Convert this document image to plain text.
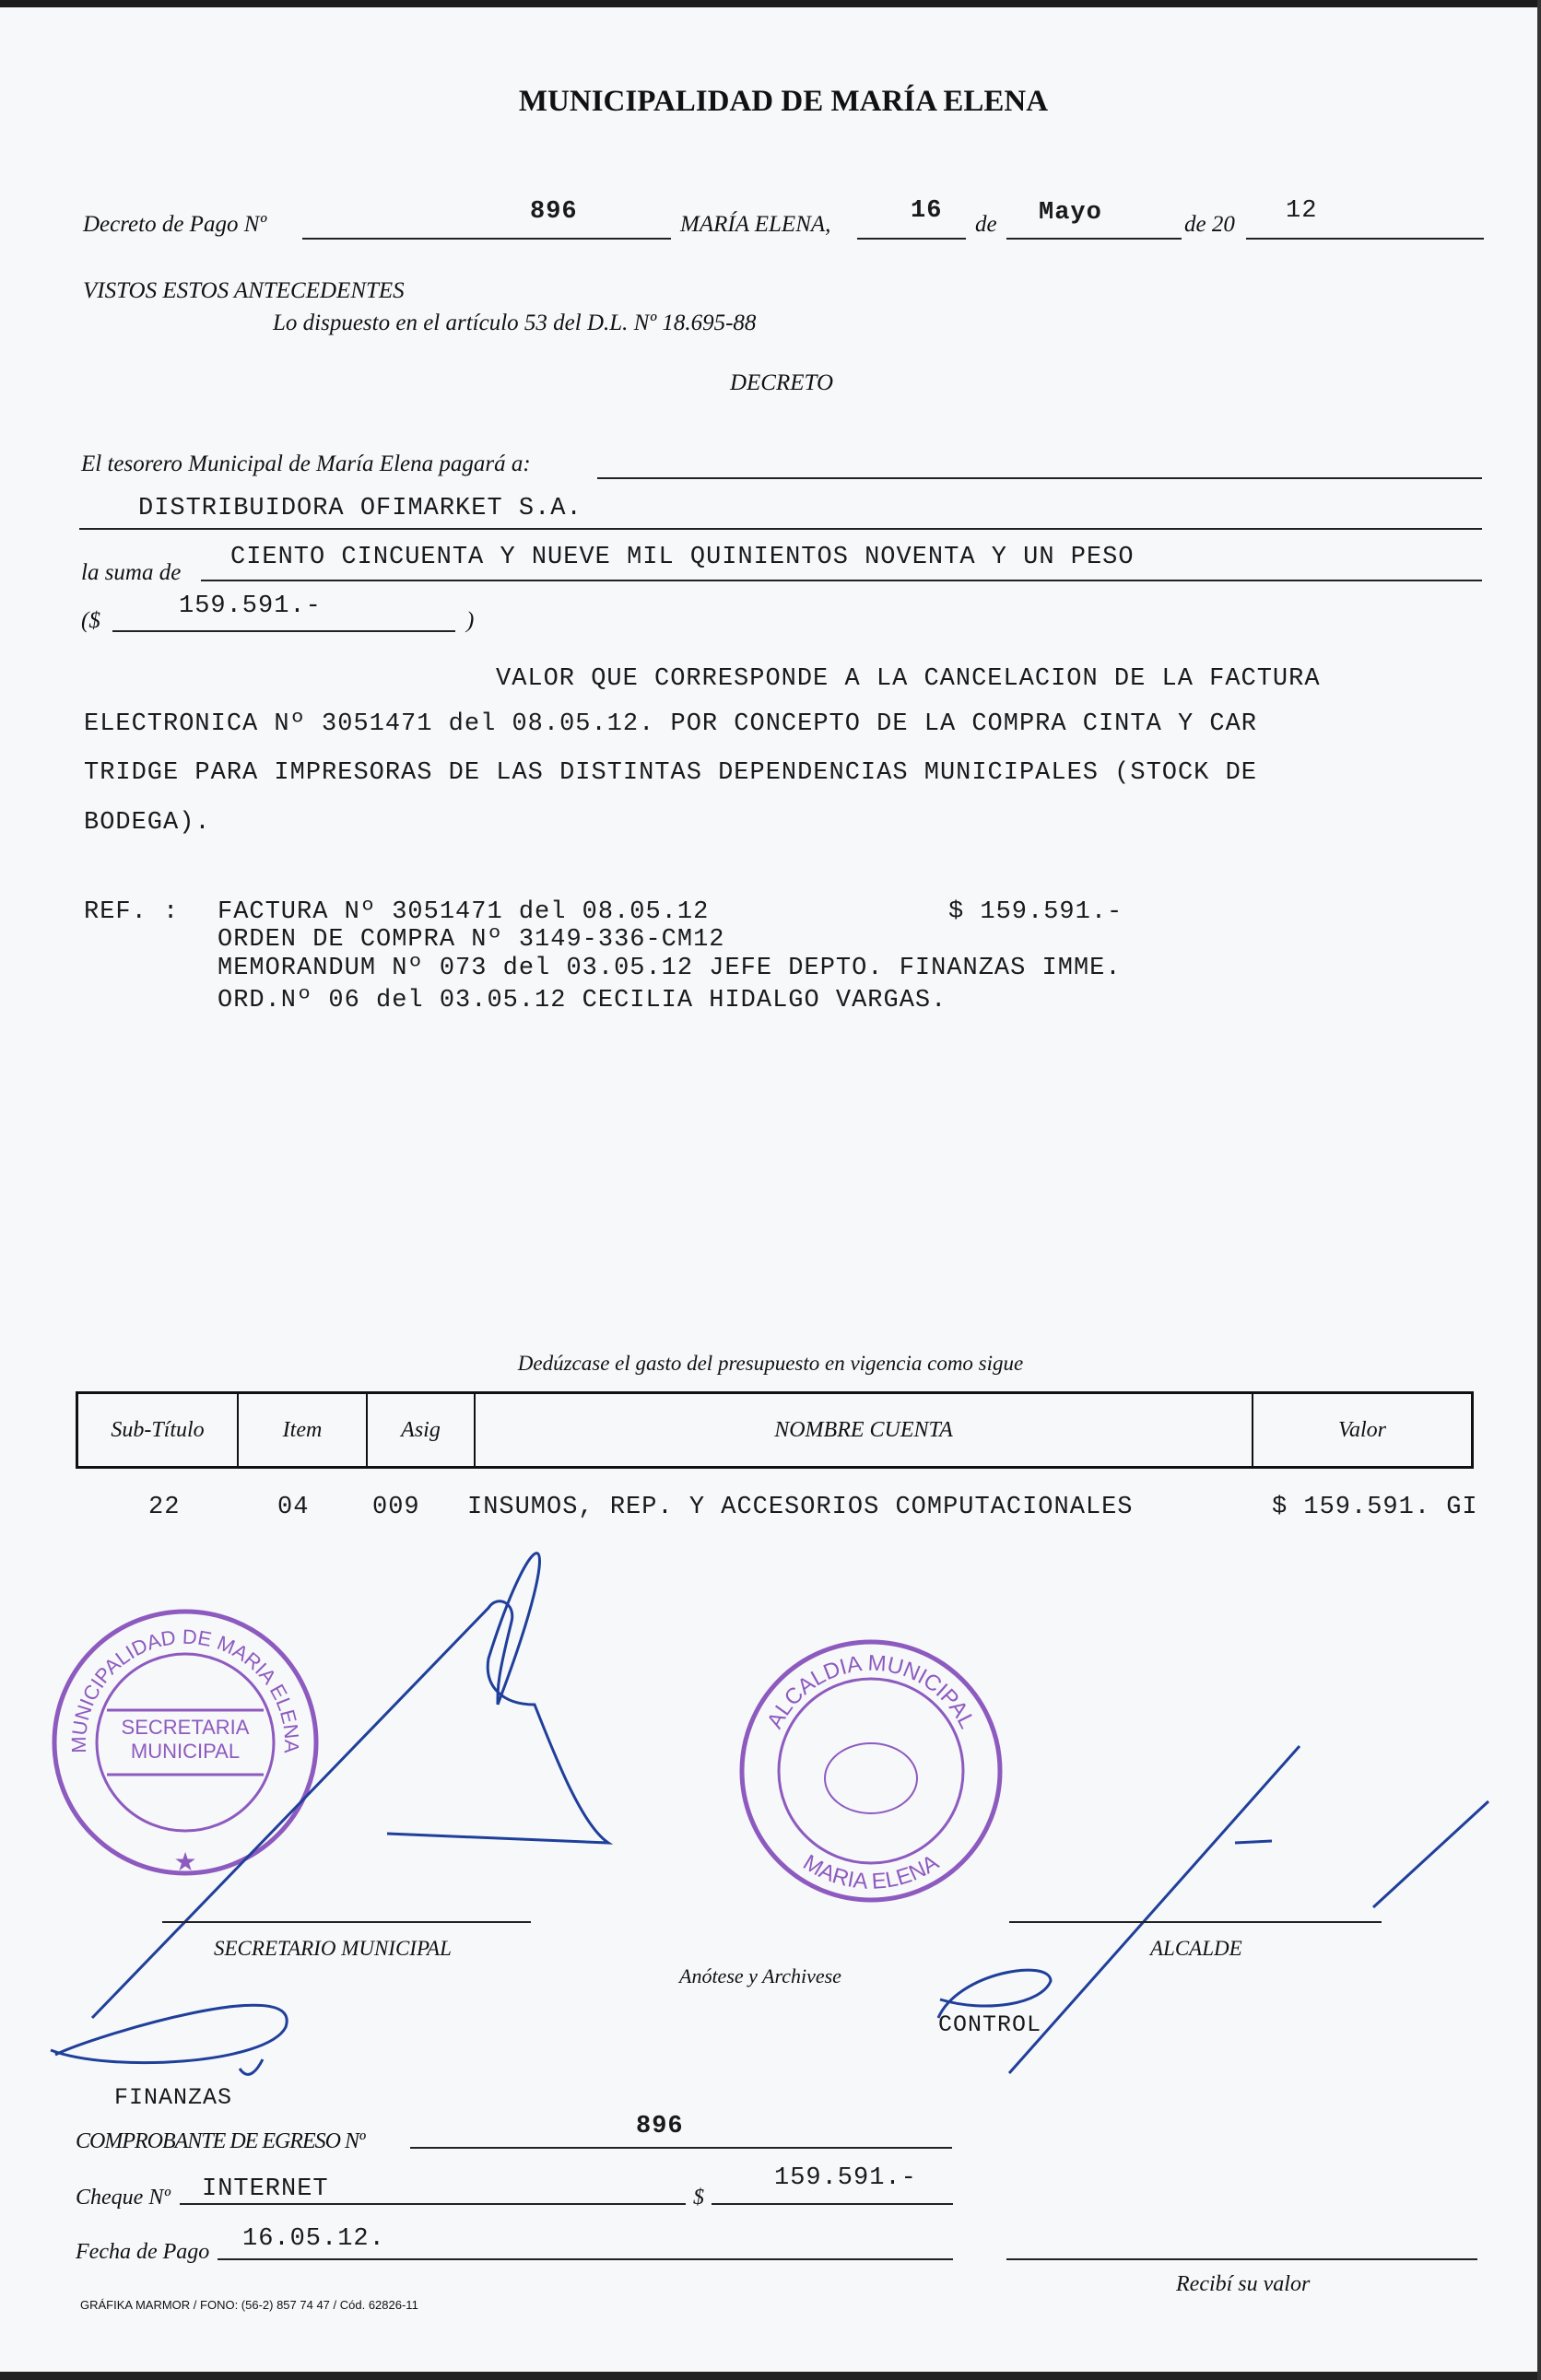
MUNICIPALIDAD DE MARÍA ELENA
Decreto de Pago Nº	896	MARÍA ELENA,	16 de Mayo	de 20 12
VISTOS ESTOS ANTECEDENTES
Lo dispuesto en el artículo 53 del D.L. Nº 18.695-88
DECRETO
El tesorero Municipal de María Elena pagará a:
DISTRIBUIDORA OFIMARKET S.A.
la suma de
CIENTO CINCUENTA Y NUEVE MIL QUINIENTOS NOVENTA Y UN PESO
($
159.591.-
)
VALOR QUE CORRESPONDE A LA CANCELACION DE LA FACTURA
ELECTRONICA Nº 3051471 del 08.05.12. POR CONCEPTO DE LA COMPRA CINTA Y CAR
TRIDGE PARA IMPRESORAS DE LAS DISTINTAS DEPENDENCIAS MUNICIPALES (STOCK DE
BODEGA).
REF. : FACTURA Nº 3051471 del 08.05.12	$ 159.591.-
ORDEN DE COMPRA Nº 3149-336-CM12
MEMORANDUM Nº 073 del 03.05.12 JEFE DEPTO. FINANZAS IMME.
ORD.Nº 06 del 03.05.12 CECILIA HIDALGO VARGAS.
Dedúzcase el gasto del presupuesto en vigencia como sigue
Sub-Título	Item	Asig	NOMBRE CUENTA	Valor
22	04	009 INSUMOS, REP. Y ACCESORIOS COMPUTACIONALES	$ 159.591. GI
MUNICIPALIDAD DE MARIA ELENA
★
ALCALDIA MUNICIPAL
MARIA ELENA
SECRETARIA MUNICIPAL
SECRETARIO MUNICIPAL	ALCALDE
Anótese y Archivese
CONTROL
FINANZAS
COMPROBANTE DE EGRESO Nº
896
Cheque Nº INTERNET	$
159.591.-
Fecha de Pago 16.05.12.
Recibí su valor
GRÁFIKA MARMOR / FONO: (56-2) 857 74 47 / Cód. 62826-11
